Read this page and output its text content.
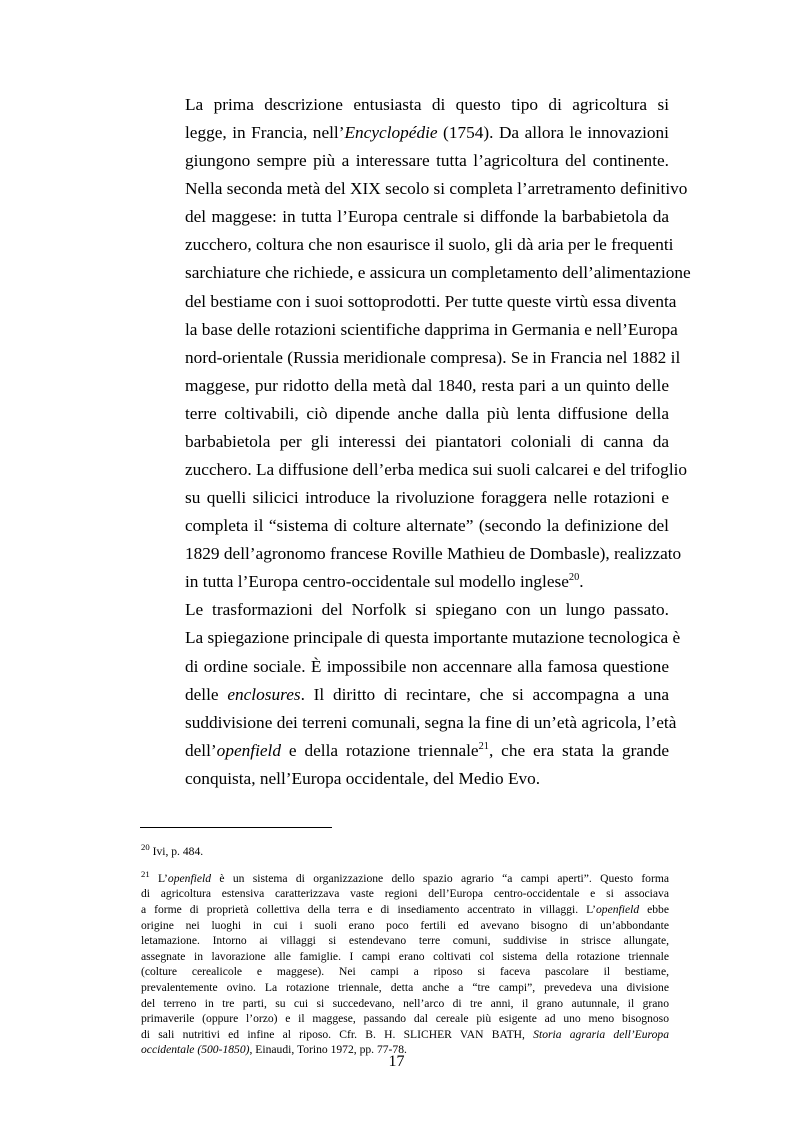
La prima descrizione entusiasta di questo tipo di agricoltura si
legge, in Francia, nell’Encyclopédie (1754). Da allora le innovazioni
giungono sempre più a interessare tutta l’agricoltura del continente.
Nella seconda metà del XIX secolo si completa l’arretramento definitivo
del maggese: in tutta l’Europa centrale si diffonde la barbabietola da
zucchero, coltura che non esaurisce il suolo, gli dà aria per le frequenti
sarchiature che richiede, e assicura un completamento dell’alimentazione
del bestiame con i suoi sottoprodotti. Per tutte queste virtù essa diventa
la base delle rotazioni scientifiche dapprima in Germania e nell’Europa
nord-orientale (Russia meridionale compresa). Se in Francia nel 1882 il
maggese, pur ridotto della metà dal 1840, resta pari a un quinto delle
terre coltivabili, ciò dipende anche dalla più lenta diffusione della
barbabietola per gli interessi dei piantatori coloniali di canna da
zucchero. La diffusione dell’erba medica sui suoli calcarei e del trifoglio
su quelli silicici introduce la rivoluzione foraggera nelle rotazioni e
completa il “sistema di colture alternate” (secondo la definizione del
1829 dell’agronomo francese Roville Mathieu de Dombasle), realizzato
in tutta l’Europa centro-occidentale sul modello inglese$^{20}$.

Le trasformazioni del Norfolk si spiegano con un lungo passato.
La spiegazione principale di questa importante mutazione tecnologica è
di ordine sociale. È impossibile non accennare alla famosa questione
delle enclosures. Il diritto di recintare, che si accompagna a una
suddivisione dei terreni comunali, segna la fine di un’età agricola, l’età
dell’openfield e della rotazione triennale$^{21}$, che era stata la grande
conquista, nell’Europa occidentale, del Medio Evo.

$^{20}$ Ivi, p. 484.

$^{21}$ L’openfield è un sistema di organizzazione dello spazio agrario “a campi aperti”. Questo forma
di agricoltura estensiva caratterizzava vaste regioni dell’Europa centro-occidentale e si associava
a forme di proprietà collettiva della terra e di insediamento accentrato in villaggi. L’openfield ebbe
origine nei luoghi in cui i suoli erano poco fertili ed avevano bisogno di un’abbondante
letamazione. Intorno ai villaggi si estendevano terre comuni, suddivise in strisce allungate,
assegnate in lavorazione alle famiglie. I campi erano coltivati col sistema della rotazione triennale
(colture cerealicole e maggese). Nei campi a riposo si faceva pascolare il bestiame,
prevalentemente ovino. La rotazione triennale, detta anche a “tre campi”, prevedeva una divisione
del terreno in tre parti, su cui si succedevano, nell’arco di tre anni, il grano autunnale, il grano
primaverile (oppure l’orzo) e il maggese, passando dal cereale più esigente ad uno meno bisognoso
di sali nutritivi ed infine al riposo. Cfr. B. H. SLICHER VAN BATH, Storia agraria dell’Europa
occidentale (500-1850), Einaudi, Torino 1972, pp. 77-78.

17
